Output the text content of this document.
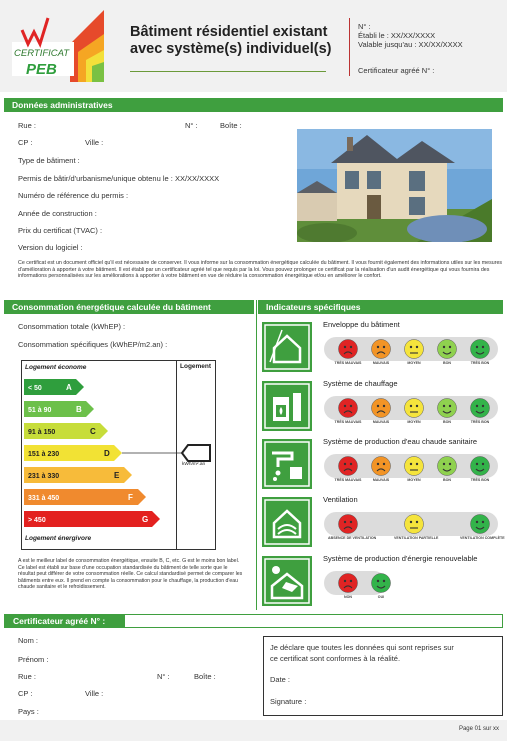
CERTIFICAT
PEB
Bâtiment résidentiel existant
avec système(s) individuel(s)
N° :
Établi le : XX/XX/XXXX
Valable jusqu'au : XX/XX/XXXX
Certificateur agréé N° :
Données administratives
Rue :	N° :	Boîte :
CP :	Ville :
Type de bâtiment :
Permis de bâtir/d'urbanisme/unique obtenu le : XX/XX/XXXX
Numéro de référence du permis :
Année de construction :
Prix du certificat (TVAC) :
Version du logiciel :
Ce certificat est un document officiel qu'il est nécessaire de conserver. Il vous informe sur la consommation énergétique calculée du bâtiment. Il vous fournit également des informations utiles sur les mesures d'amélioration à apporter à votre bâtiment. Il est établi par un certificateur agréé tel que requis par la loi. Vous pouvez prolonger ce certificat par la réalisation d'un audit énergétique qui vous fournira des informations personnalisées sur les améliorations à apporter à votre bâtiment en vue de réduire la consommation énergétique et/ou en améliorer le confort.
Consommation énergétique calculée du bâtiment	Indicateurs spécifiques
Consommation totale (kWhEP) :
Consommation spécifiques (kWhEP/m2.an) :
Logement économe
Logement énergivore
Logement
< 50	A
51 à 90	B
91 à 150	C
151 à 230	D
231 à 330	E
331 à 450	F
> 450	G
kWh/m².an
A est le meilleur label de consommation énergétique, ensuite B, C, etc. G est le moins bon label. Ce label est établi sur base d'une occupation standardisée du bâtiment de telle sorte que le résultat peut différer de votre consommation réelle. Ce calcul standardisé permet de comparer les bâtiments entre eux. Il prend en compte la consommation pour le chauffage, la production d'eau chaude sanitaire et le refroidissement.
Enveloppe du bâtiment
TRÈS MAUVAIS	MAUVAIS	MOYEN	BON	TRÈS BON
Système de chauffage
TRÈS MAUVAIS	MAUVAIS	MOYEN	BON	TRÈS BON
Système de production d'eau chaude sanitaire
TRÈS MAUVAIS	MAUVAIS	MOYEN	BON	TRÈS BON
Ventilation
ABSENCE DE VENTILATION	VENTILATION PARTIELLE	VENTILATION COMPLÈTE
Système de production d'énergie renouvelable
NON	OUI
Certificateur agréé N° :
Nom :
Prénom :
Rue :	N° :	Boîte :
CP :	Ville :
Pays :
Je déclare que toutes les données qui sont reprises sur
ce certificat sont conformes à la réalité.
Date :
Signature :
Page 01 sur xx
